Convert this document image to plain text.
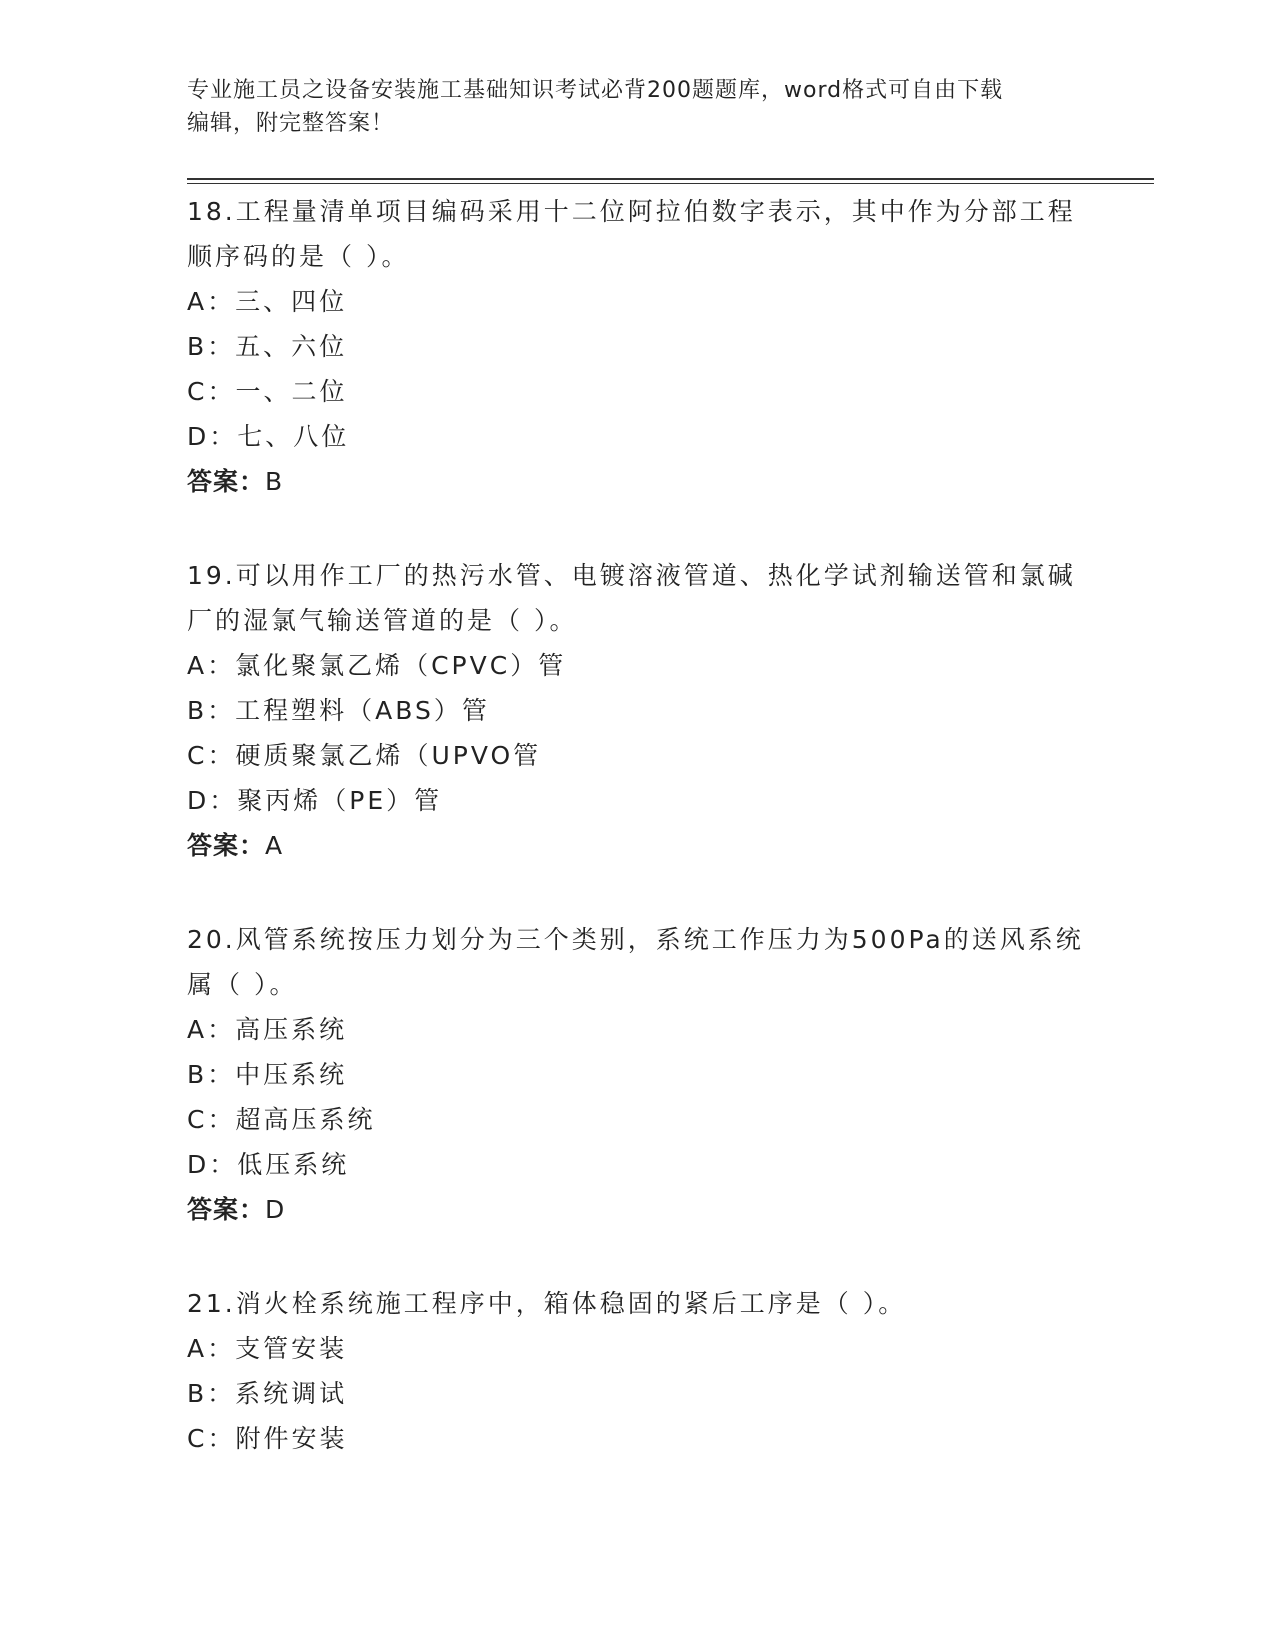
专业施工员之设备安装施工基础知识考试必背200题题库，word格式可自由下载
编辑，附完整答案！
18.工程量清单项目编码采用十二位阿拉伯数字表示，其中作为分部工程顺序码的是（ ）。
A：三、四位
B：五、六位
C：一、二位
D：七、八位
答案：B
19.可以用作工厂的热污水管、电镀溶液管道、热化学试剂输送管和氯碱厂的湿氯气输送管道的是（ ）。
A：氯化聚氯乙烯（CPVC）管
B：工程塑料（ABS）管
C：硬质聚氯乙烯（UPVO管
D：聚丙烯（PE）管
答案：A
20.风管系统按压力划分为三个类别，系统工作压力为500Pa的送风系统属（ ）。
A：高压系统
B：中压系统
C：超高压系统
D：低压系统
答案：D
21.消火栓系统施工程序中，箱体稳固的紧后工序是（ ）。
A：支管安装
B：系统调试
C：附件安装
